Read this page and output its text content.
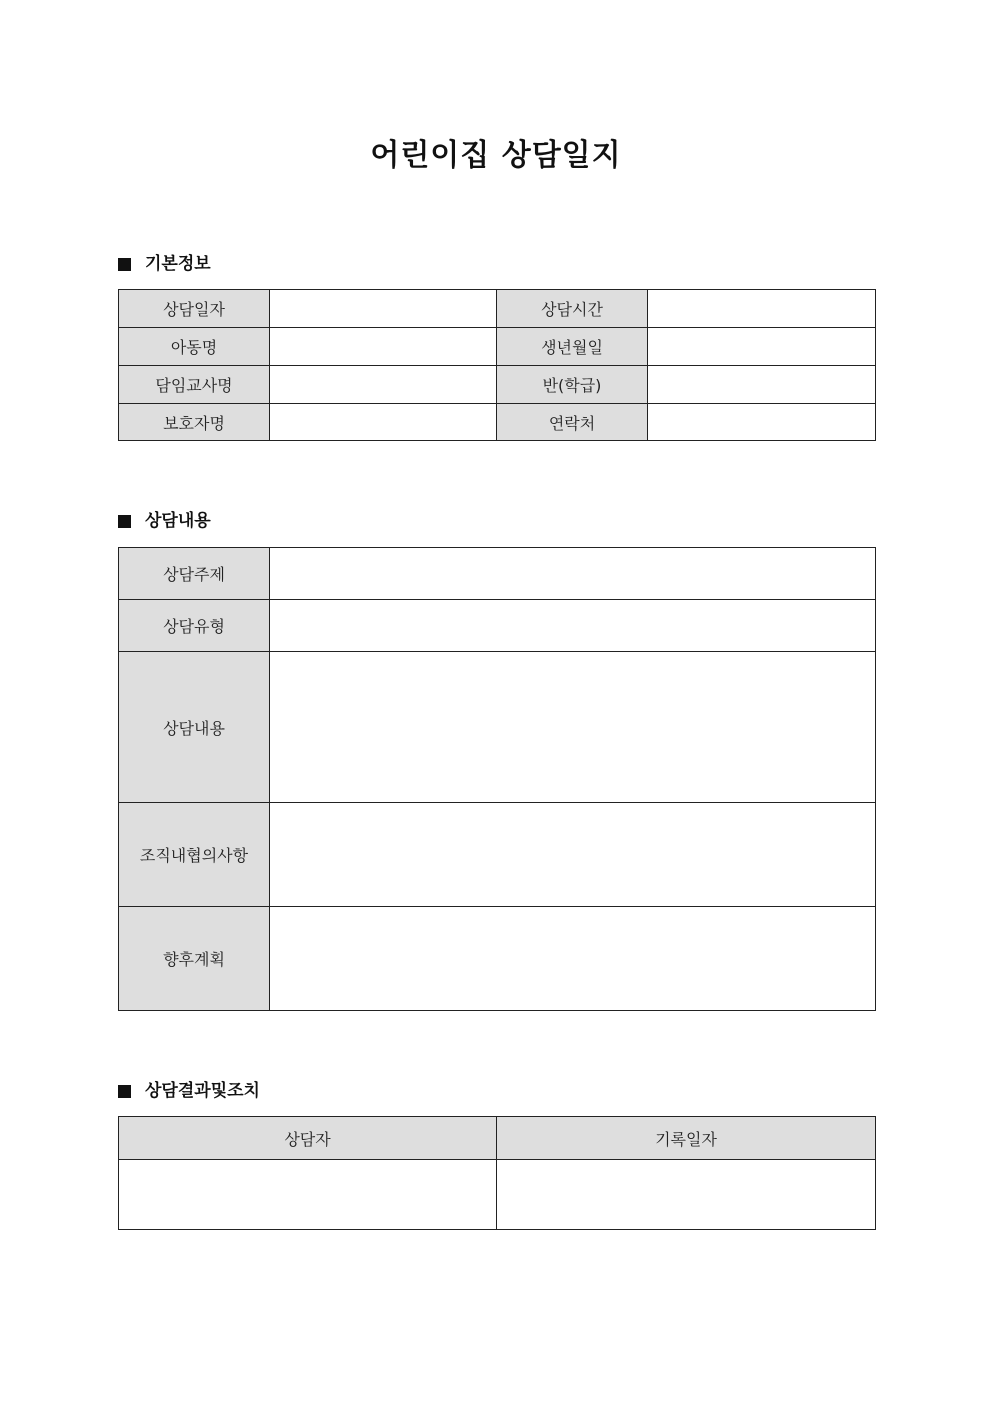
어린이집 상담일지
기본정보
상담일자		상담시간	
아동명		생년월일	
담임교사명		반(학급)	
보호자명		연락처	
상담내용
상담주제	
상담유형	
상담내용	
조직내협의사항	
향후계획	
상담결과및조치
상담자	기록일자
